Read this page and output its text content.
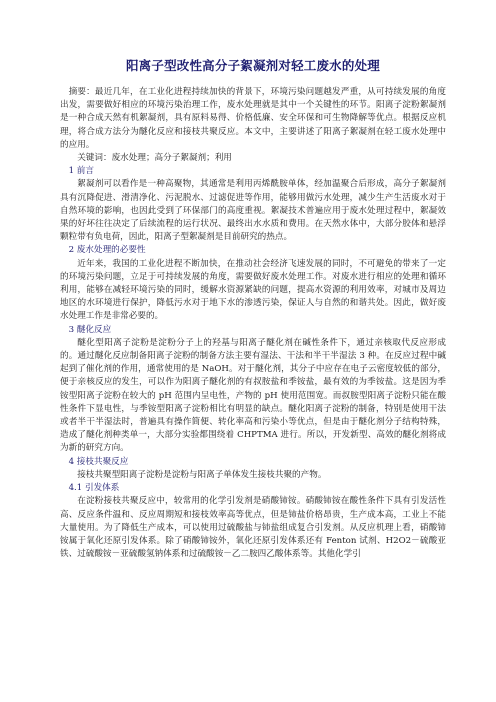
阳离子型改性高分子絮凝剂对轻工废水的处理

摘要：最近几年，在工业化进程持续加快的背景下，环境污染问题越发严重，从可持续发展的角度出发，需要做好相应的环境污染治理工作，废水处理就是其中一个关键性的环节。阳离子淀粉絮凝剂是一种合成天然有机絮凝剂，具有原料易得、价格低廉、安全环保和可生物降解等优点。根据反应机理，将合成方法分为醚化反应和接枝共聚反应。本文中，主要讲述了阳离子絮凝剂在轻工废水处理中的应用。

关键词：废水处理；高分子絮凝剂；利用

1 前言

絮凝剂可以看作是一种高聚物，其通常是利用丙烯酰胺单体，经加温聚合后形成，高分子絮凝剂具有沉降促进、滑清净化、污泥脱水、过滤促进等作用，能够用做污水处理，减少生产生活废水对于自然环境的影响，也因此受到了环保部门的高度重视。絮凝技术普遍应用于废水处理过程中，絮凝效果的好坏往往决定了后续流程的运行状况、最终出水水质和费用。在天然水体中，大部分胶体和悬浮颗粒带有负电荷，因此，阳离子型絮凝剂是目前研究的热点。

2 废水处理的必要性

近年来，我国的工业化进程不断加快，在推动社会经济飞速发展的同时，不可避免的带来了一定的环境污染问题，立足于可持续发展的角度，需要做好废水处理工作。对废水进行相应的处理和循环利用，能够在减轻环境污染的同时，缓解水资源紧缺的问题，提高水资源的利用效率，对城市及周边地区的水环境进行保护，降低污水对于地下水的渗透污染，保证人与自然的和谐共处。因此，做好废水处理工作是非常必要的。

3 醚化反应

醚化型阳离子淀粉是淀粉分子上的羟基与阳离子醚化剂在碱性条件下，通过亲核取代反应形成的。通过醚化反应制备阳离子淀粉的制备方法主要有湿法、干法和半干半湿法 3 种。在反应过程中碱起到了催化剂的作用，通常使用的是 NaOH。对于醚化剂，其分子中应存在电子云密度较低的部分，便于亲核反应的发生，可以作为阳离子醚化剂的有叔胺盐和季铵盐，最有效的为季铵盐。这是因为季铵型阳离子淀粉在较大的 pH 范围内呈电性，产物的 pH 使用范围宽。而叔胺型阳离子淀粉只能在酸性条件下显电性，与季铵型阳离子淀粉相比有明显的缺点。醚化阳离子淀粉的制备，特别是使用干法或者半干半湿法时，普遍具有操作简便、转化率高和污染小等优点，但是由于醚化剂分子结构特殊，造成了醚化剂种类单一，大部分实验都围绕着 CHPTMA 进行。所以，开发新型、高效的醚化剂将成为新的研究方向。

4 接枝共聚反应

接枝共聚型阳离子淀粉是淀粉与阳离子单体发生接枝共聚的产物。

4.1 引发体系

在淀粉接枝共聚反应中，较常用的化学引发剂是硝酸铈铵。硝酸铈铵在酸性条件下具有引发活性高、反应条件温和、反应周期短和接枝效率高等优点，但是铈盐价格昂贵，生产成本高，工业上不能大量使用。为了降低生产成本，可以使用过硫酸盐与铈盐组成复合引发剂。从反应机理上看，硝酸铈铵属于氧化还原引发体系。除了硝酸铈铵外，氧化还原引发体系还有 Fenton 试剂、H2O2－硫酸亚铁、过硫酸铵－亚硫酸氢钠体系和过硫酸铵－乙二胺四乙酸体系等。其他化学引
